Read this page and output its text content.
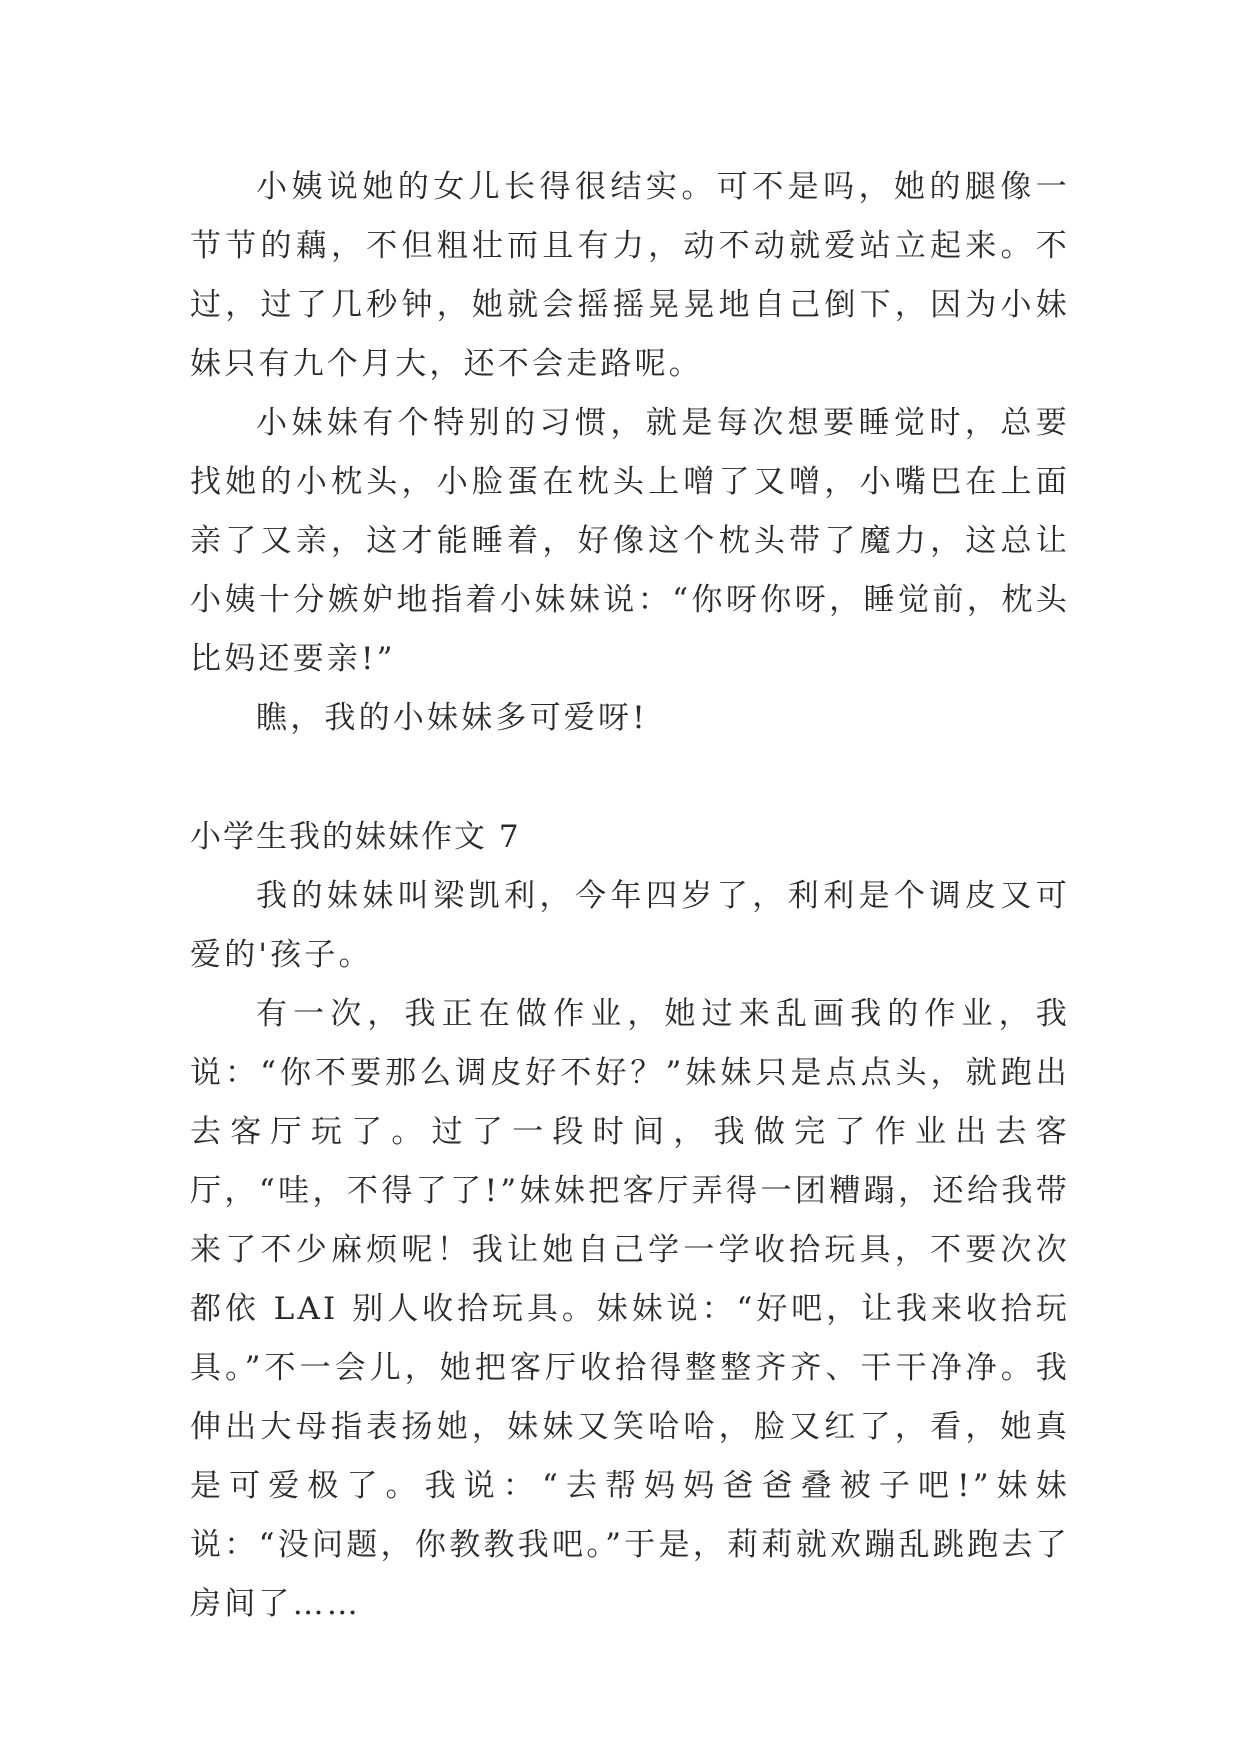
小姨说她的女儿长得很结实。可不是吗，她的腿像一节节的藕，不但粗壮而且有力，动不动就爱站立起来。不过，过了几秒钟，她就会摇摇晃晃地自己倒下，因为小妹妹只有九个月大，还不会走路呢。

小妹妹有个特别的习惯，就是每次想要睡觉时，总要找她的小枕头，小脸蛋在枕头上噌了又噌，小嘴巴在上面亲了又亲，这才能睡着，好像这个枕头带了魔力，这总让小姨十分嫉妒地指着小妹妹说：“你呀你呀，睡觉前，枕头比妈还要亲!”

瞧，我的小妹妹多可爱呀!

小学生我的妹妹作文 7

我的妹妹叫梁凯利，今年四岁了，利利是个调皮又可爱的'孩子。

有一次，我正在做作业，她过来乱画我的作业，我说：“你不要那么调皮好不好？”妹妹只是点点头，就跑出去客厅玩了。过了一段时间，我做完了作业出去客厅，“哇，不得了了!”妹妹把客厅弄得一团糟蹋，还给我带来了不少麻烦呢！我让她自己学一学收拾玩具，不要次次都依 LAI 别人收拾玩具。妹妹说：“好吧，让我来收拾玩具。”不一会儿，她把客厅收拾得整整齐齐、干干净净。我伸出大母指表扬她，妹妹又笑哈哈，脸又红了，看，她真是可爱极了。我说：“去帮妈妈爸爸叠被子吧!”妹妹说：“没问题，你教教我吧。”于是，莉莉就欢蹦乱跳跑去了房间了……
